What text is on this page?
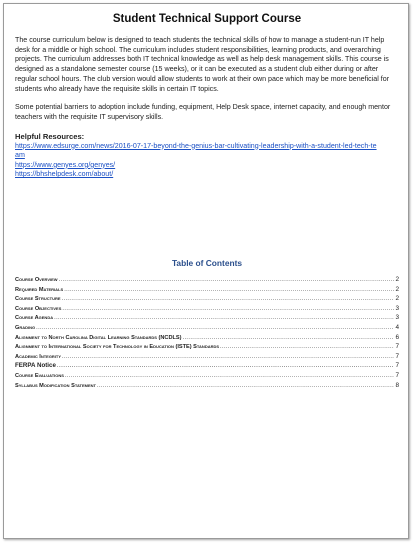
Student Technical Support Course

The course curriculum below is designed to teach students the technical skills of how to manage a student-run IT help desk for a middle or high school. The curriculum includes student responsibilities, learning products, and overarching projects. The curriculum addresses both IT technical knowledge as well as help desk management skills. This course is designed as a standalone semester course (15 weeks), or it can be executed as a student club either during or after regular school hours. The club version would allow students to work at their own pace which may be more beneficial for students who already have the requisite skills in certain IT topics.

Some potential barriers to adoption include funding, equipment, Help Desk space, internet capacity, and enough mentor teachers with the requisite IT supervisory skills.

Helpful Resources:
https://www.edsurge.com/news/2016-07-17-beyond-the-genius-bar-cultivating-leadership-with-a-student-led-tech-team
https://www.genyes.org/genyes/
https://bhshelpdesk.com/about/
Table of Contents
Course Overview .....	2
Required Materials .....	2
Course Structure .....	2
Course Objectives .....	3
Course Agenda .....	3
Grading .....	4
Alignment to North Carolina Digital Learning Standards (NCDLS) .....	6
Alignment to International Society for Technology in Education (ISTE) Standards .....	7
Academic Integrity .....	7
FERPA Notice .....	7
Course Evaluations .....	7
Syllabus Modification Statement .....	8
